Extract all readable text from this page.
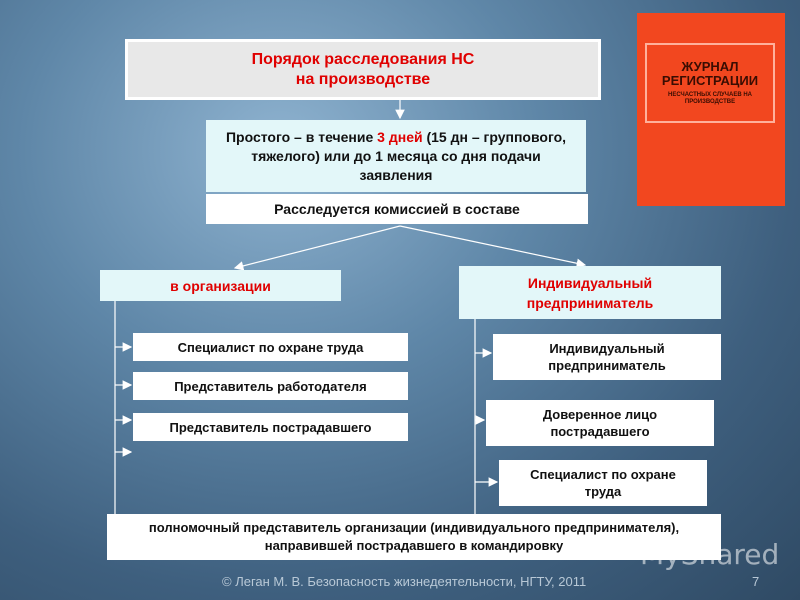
Порядок расследования НС
на производстве
Простого – в течение 3 дней (15 дн – группового, тяжелого) или до 1 месяца со дня подачи заявления
Расследуется комиссией в составе
в организации	Индивидуальный предприниматель
Специалист по охране труда
Представитель работодателя
Представитель пострадавшего
Индивидуальный предприниматель
Доверенное лицо пострадавшего
Специалист по охране труда
полномочный представитель организации (индивидуального предпринимателя), направившей пострадавшего в командировку
ЖУРНАЛ РЕГИСТРАЦИИ
НЕСЧАСТНЫХ СЛУЧАЕВ НА ПРОИЗВОДСТВЕ
MyShared
© Леган М. В. Безопасность жизнедеятельности, НГТУ, 2011	7
